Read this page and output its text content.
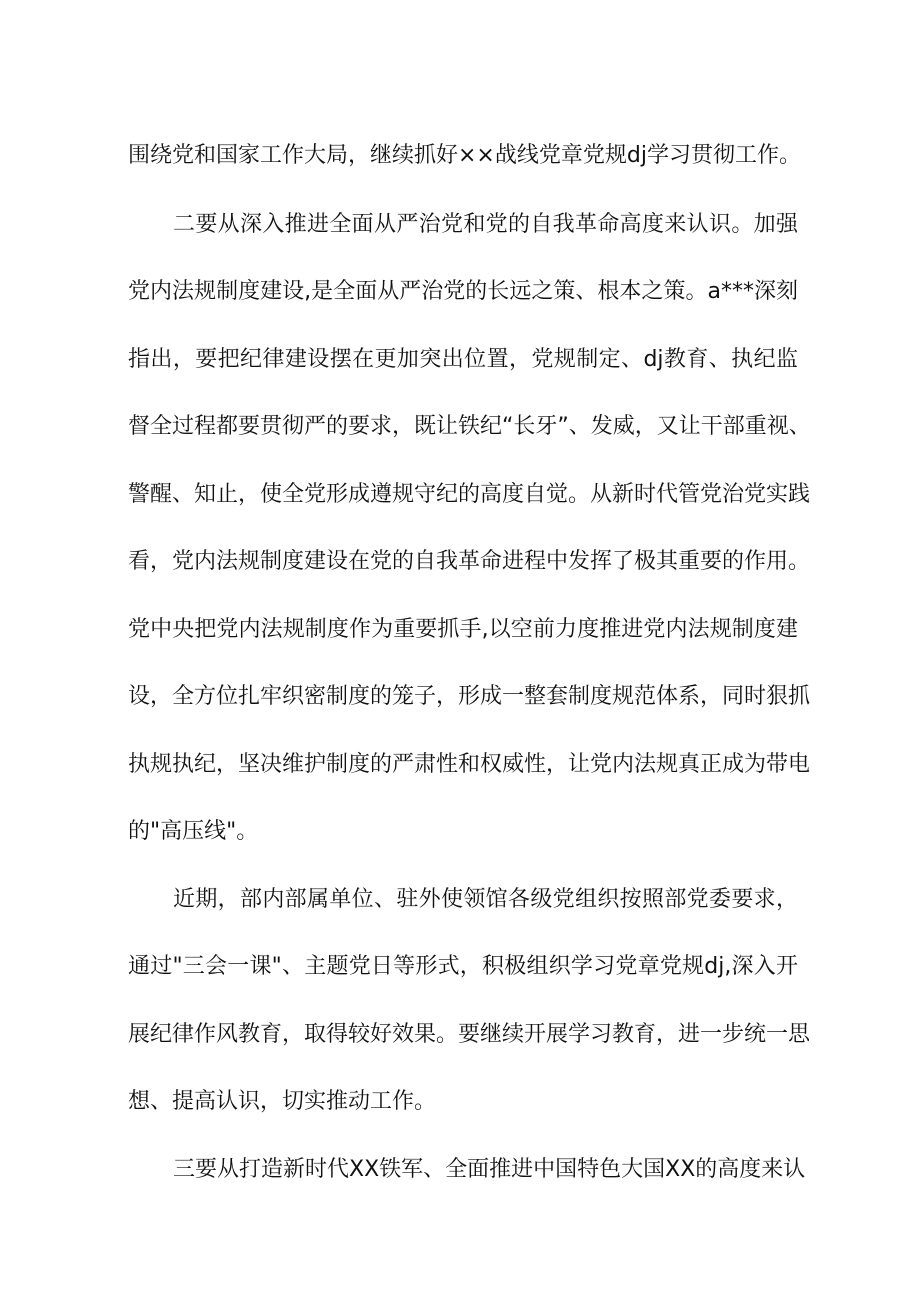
围绕党和国家工作大局，继续抓好××战线党章党规dj学习贯彻工作。
二要从深入推进全面从严治党和党的自我革命高度来认识。加强
党内法规制度建设,是全面从严治党的长远之策、根本之策。a***深刻
指出，要把纪律建设摆在更加突出位置，党规制定、dj教育、执纪监
督全过程都要贯彻严的要求，既让铁纪“长牙”、发威，又让干部重视、
警醒、知止，使全党形成遵规守纪的高度自觉。从新时代管党治党实践
看，党内法规制度建设在党的自我革命进程中发挥了极其重要的作用。
党中央把党内法规制度作为重要抓手,以空前力度推进党内法规制度建
设，全方位扎牢织密制度的笼子，形成一整套制度规范体系，同时狠抓
执规执纪，坚决维护制度的严肃性和权威性，让党内法规真正成为带电
的"高压线"。
近期，部内部属单位、驻外使领馆各级党组织按照部党委要求，
通过"三会一课"、主题党日等形式，积极组织学习党章党规dj,深入开
展纪律作风教育，取得较好效果。要继续开展学习教育，进一步统一思
想、提高认识，切实推动工作。
三要从打造新时代XX铁军、全面推进中国特色大国XX的高度来认
